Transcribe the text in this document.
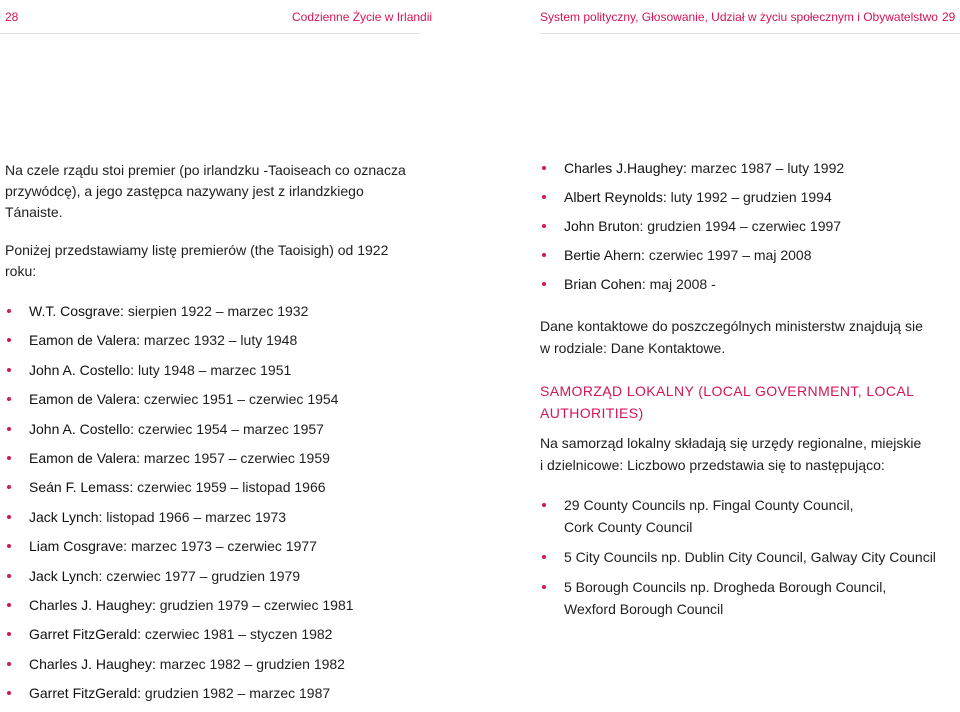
28	Codzienne Życie w Irlandii	System polityczny, Głosowanie, Udział w życiu społecznym i Obywatelstwo 29

Na czele rządu stoi premier (po irlandzku -Taoiseach co oznacza przywódcę), a jego zastępca nazywany jest z irlandzkiego Tánaiste.

Poniżej przedstawiamy listę premierów (the Taoisigh) od 1922 roku:

W.T. Cosgrave: sierpien 1922 – marzec 1932
Eamon de Valera: marzec 1932 – luty 1948
John A. Costello: luty 1948 – marzec 1951
Eamon de Valera: czerwiec 1951 – czerwiec 1954
John A. Costello: czerwiec 1954 – marzec 1957
Eamon de Valera: marzec 1957 – czerwiec 1959
Seán F. Lemass: czerwiec 1959 – listopad 1966
Jack Lynch: listopad 1966 – marzec 1973
Liam Cosgrave: marzec 1973 – czerwiec 1977
Jack Lynch: czerwiec 1977 – grudzien 1979
Charles J. Haughey: grudzien 1979 – czerwiec 1981
Garret FitzGerald: czerwiec 1981 – styczen 1982
Charles J. Haughey: marzec 1982 – grudzien 1982
Garret FitzGerald: grudzien 1982 – marzec 1987
Charles J.Haughey: marzec 1987 – luty 1992
Albert Reynolds: luty 1992 – grudzien 1994
John Bruton: grudzien 1994 – czerwiec 1997
Bertie Ahern: czerwiec 1997 – maj 2008
Brian Cohen: maj 2008 -

Dane kontaktowe do poszczególnych ministerstw znajdują sie
w rodziale: Dane Kontaktowe.

SAMORZĄD LOKALNY (LOCAL GOVERNMENT, LOCAL
AUTHORITIES)

Na samorząd lokalny składają się urzędy regionalne, miejskie
i dzielnicowe: Liczbowo przedstawia się to następująco:

29 County Councils np. Fingal County Council,
Cork County Council
5 City Councils np. Dublin City Council, Galway City Council
5 Borough Councils np. Drogheda Borough Council,
Wexford Borough Council
